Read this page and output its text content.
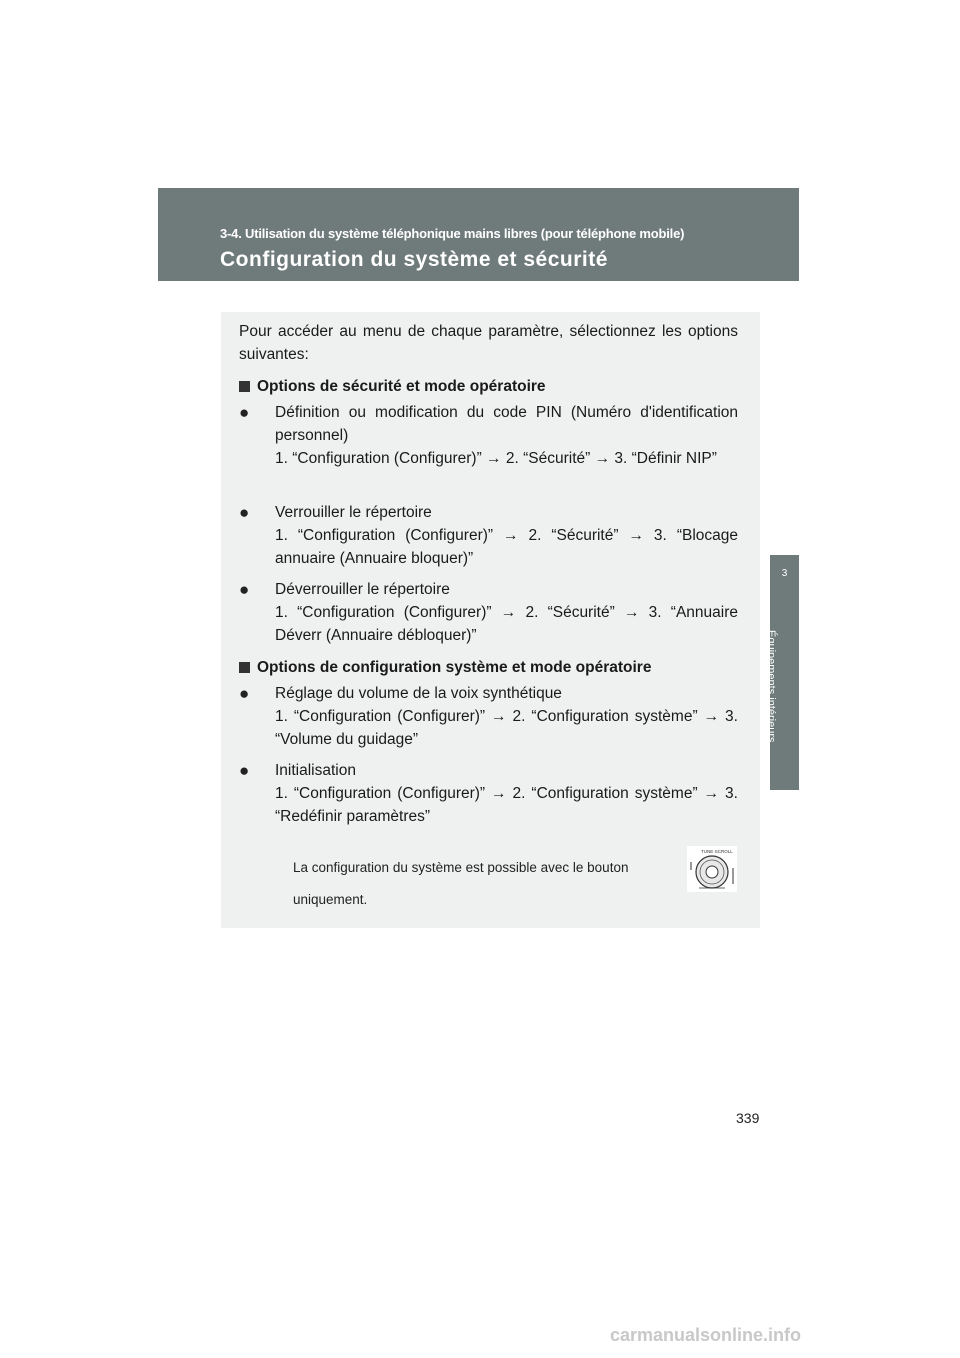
3-4. Utilisation du système téléphonique mains libres (pour téléphone mobile)
Configuration du système et sécurité
Équipements intérieurs
Pour accéder au menu de chaque paramètre, sélectionnez les options suivantes:
Options de sécurité et mode opératoire
●	Définition ou modification du code PIN (Numéro d'identification personnel)
1. “Configuration (Configurer)” → 2. “Sécurité” → 3. “Définir NIP”
●	Verrouiller le répertoire
1. “Configuration (Configurer)” → 2. “Sécurité” → 3. “Blocage annuaire (Annuaire bloquer)”
●	Déverrouiller le répertoire
1. “Configuration (Configurer)” → 2. “Sécurité” → 3. “Annuaire Déverr (Annuaire débloquer)”
Options de configuration système et mode opératoire
●	Réglage du volume de la voix synthétique
1. “Configuration (Configurer)” → 2. “Configuration système” → 3. “Volume du guidage”
●	Initialisation
1. “Configuration (Configurer)” → 2. “Configuration système” → 3. “Redéfinir paramètres”
La configuration du système est possible avec le bouton
uniquement.
TUNE·SCROLL
3
339
carmanualsonline.info
